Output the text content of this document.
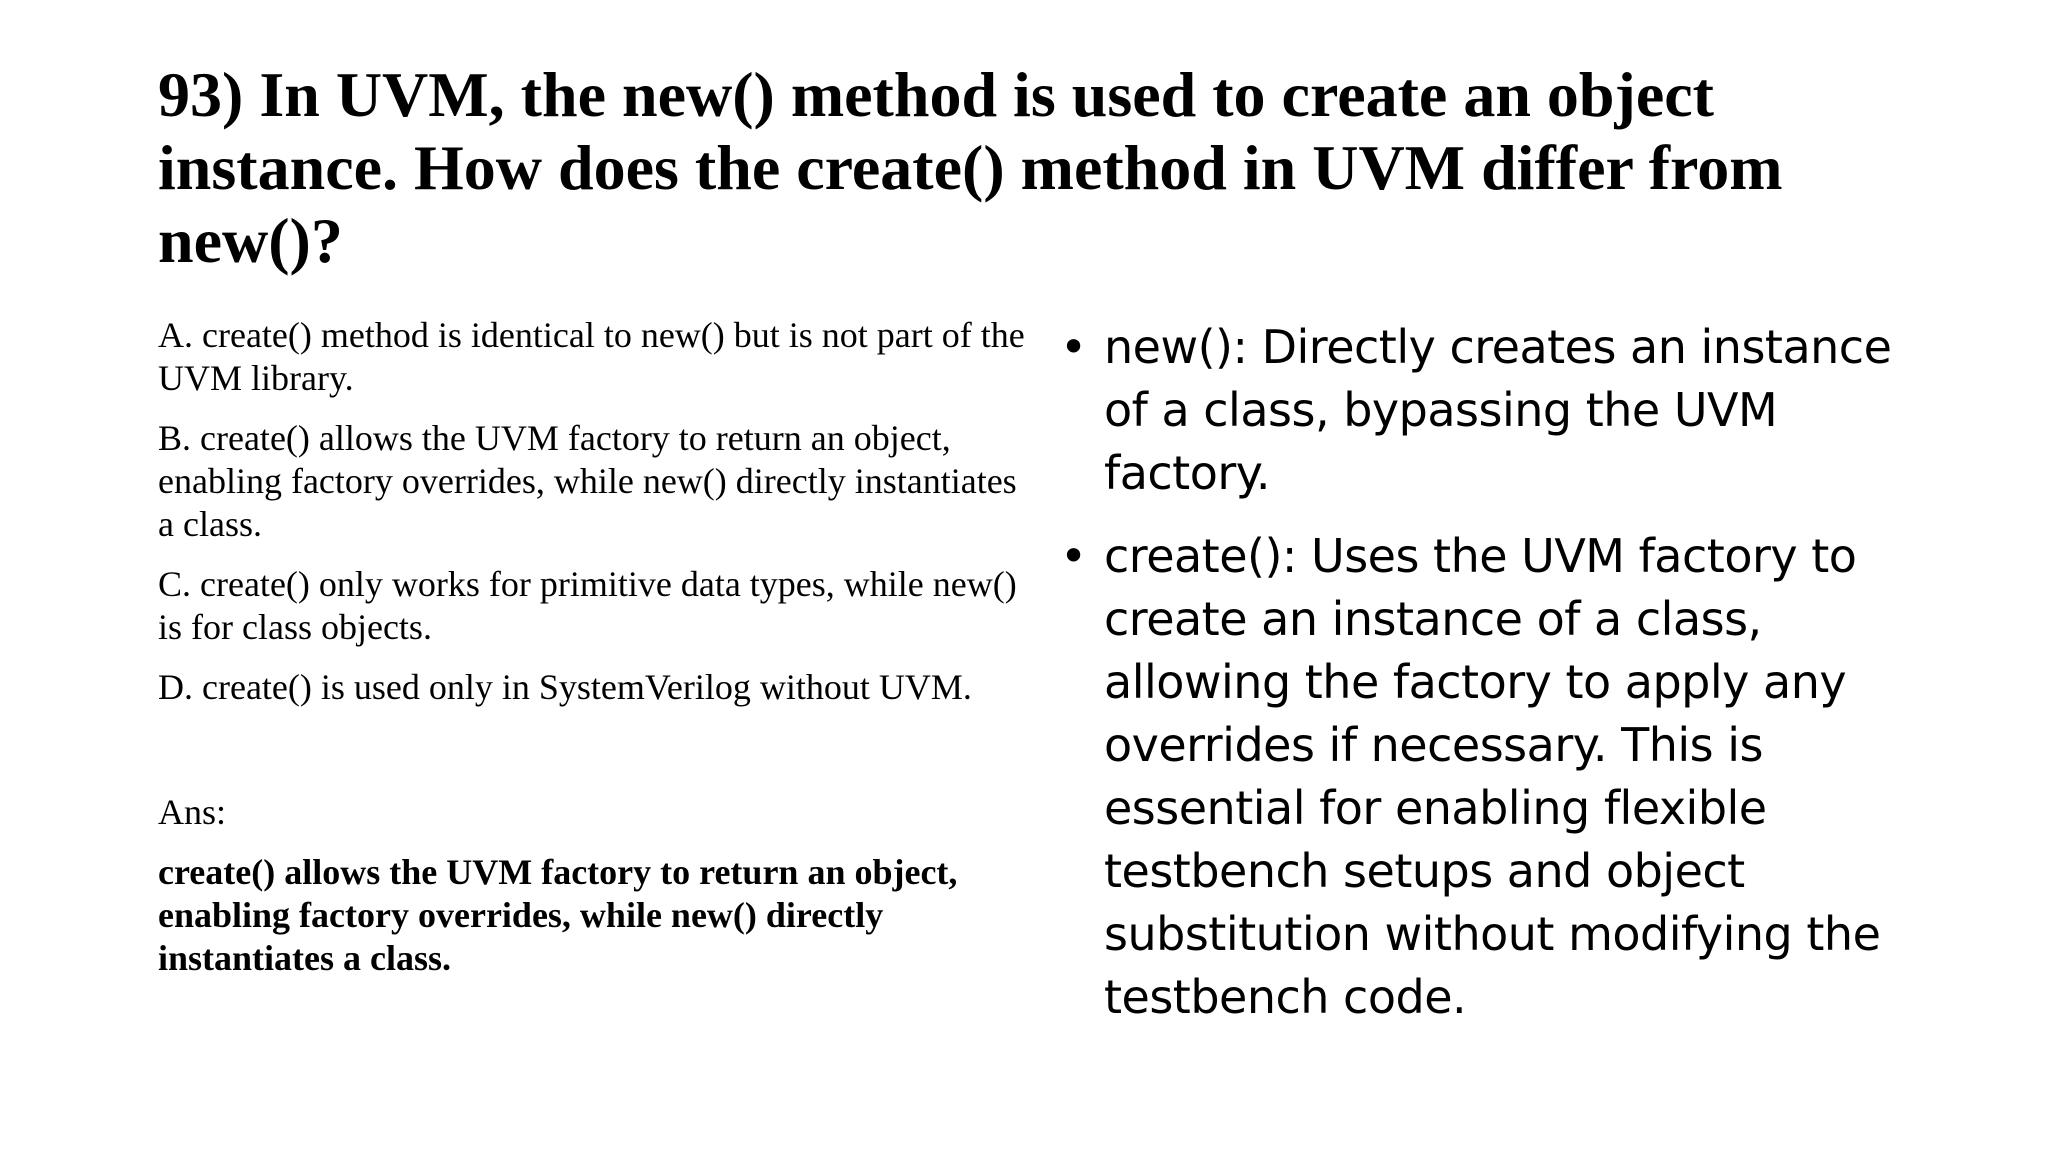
93) In UVM, the new() method is used to create an object instance. How does the create() method in UVM differ from new()?

A. create() method is identical to new() but is not part of the UVM library.

B. create() allows the UVM factory to return an object, enabling factory overrides, while new() directly instantiates a class.

C. create() only works for primitive data types, while new() is for class objects.

D. create() is used only in SystemVerilog without UVM.

Ans:

create() allows the UVM factory to return an object, enabling factory overrides, while new() directly instantiates a class.

• new(): Directly creates an instance of a class, bypassing the UVM factory.
• create(): Uses the UVM factory to create an instance of a class, allowing the factory to apply any overrides if necessary. This is essential for enabling flexible testbench setups and object substitution without modifying the testbench code.
